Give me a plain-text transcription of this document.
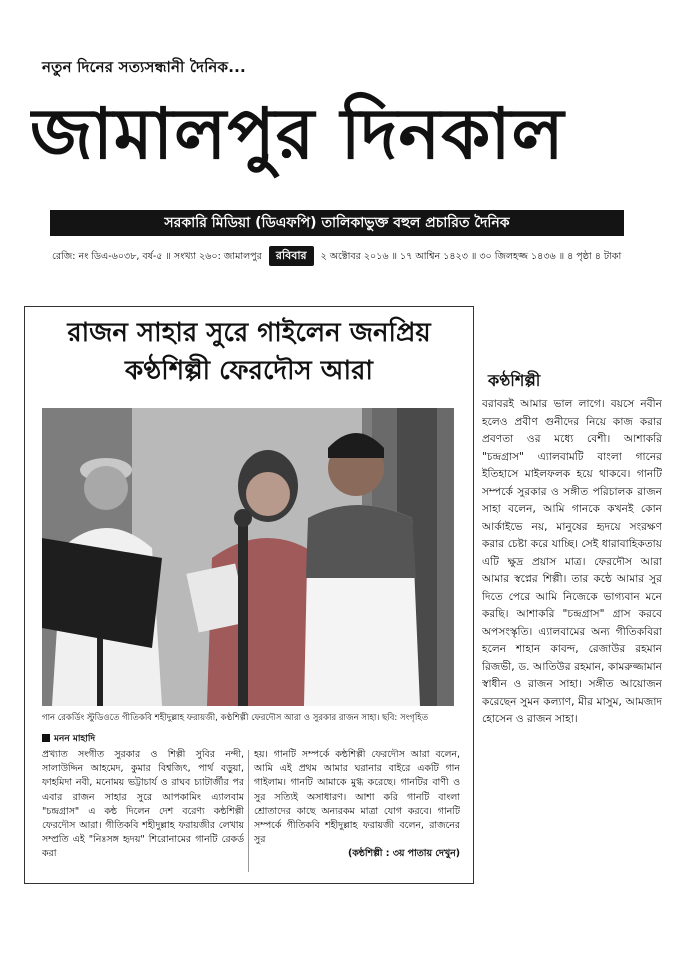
নতুন দিনের সত্যসন্ধানী দৈনিক...
জামালপুর দিনকাল
সরকারি মিডিয়া (ডিএফপি) তালিকাভুক্ত বহুল প্রচারিত দৈনিক
রেজি: নং ডিএ-৬০৩৮, বর্ষ-৫ ॥ সংখ্যা ২৬০: জামালপুর রবিবার ২ অক্টোবর ২০১৬ ॥ ১৭ আশ্বিন ১৪২৩ ॥ ৩০ জিলহজ্জ ১৪৩৬ ॥ ৪ পৃষ্ঠা ৪ টাকা
রাজন সাহার সুরে গাইলেন জনপ্রিয়
কণ্ঠশিল্পী ফেরদৌস আরা
গান রেকর্ডিং স্টুডিওতে গীতিকবি শহীদুল্লাহ ফরায়জী, কণ্ঠশিল্পী ফেরদৌস আরা ও সুরকার রাজন সাহা। ছবি: সংগৃহিত
মনন মাহাদি
প্রখ্যাত সংগীত সুরকার ও শিল্পী সুবির নন্দী, সালাউদ্দিন আহমেদ, কুমার বিশ্বজিৎ, পার্থ বড়ুয়া, ফাহমিদা নবী, মনোময় ভট্টাচার্য ও রাঘব চ্যাটার্জীর পর এবার রাজন সাহার সুরে আপকামিং এ্যালবাম "চন্দ্রগ্রাস" এ কন্ঠ দিলেন দেশ বরেণ্য কন্ঠশিল্পী ফেরদৌস আরা। গীতিকবি শহীদুল্লাহ ফরায়জীর লেখায় সম্প্রতি এই "নিঃসঙ্গ হৃদয়" শিরোনামের গানটি রেকর্ড করা
হয়। গানটি সম্পর্কে কন্ঠশিল্পী ফেরদৌস আরা বলেন, আমি এই প্রথম আমার ঘরানার বাইরে একটি গান গাইলাম। গানটি আমাকে মুগ্ধ করেছে। গানটির বাণী ও সুর সত্যিই অসাধারণ। আশা করি গানটি বাংলা শ্রোতাদের কাছে অন্যরকম মাত্রা যোগ করবে। গানটি সম্পর্কে গীতিকবি শহীদুল্লাহ ফরায়জী বলেন, রাজনের সুর
(কন্ঠশিল্পী : ৩য় পাতায় দেখুন)
কণ্ঠশিল্পী
বরাবরই আমার ভাল লাগে। বয়সে নবীন হলেও প্রবীণ গুনীদের নিয়ে কাজ করার প্রবণতা ওর মধ্যে বেশী। আশাকরি "চন্দ্রগ্রাস" এ্যালবামটি বাংলা গানের ইতিহাসে মাইলফলক হয়ে থাকবে। গানটি সম্পর্কে সুরকার ও সঙ্গীত পরিচালক রাজন সাহা বলেন, আমি গানকে কখনই কোন আর্কাইভে নয়, মানুষের হৃদয়ে সংরক্ষণ করার চেষ্টা করে যাচ্ছি। সেই ধারাবাহিকতায় এটি ক্ষুদ্র প্রয়াস মাত্র। ফেরদৌস আরা আমার স্বপ্নের শিল্পী। তার কন্ঠে আমার সুর দিতে পেরে আমি নিজেকে ভাগ্যবান মনে করছি। আশাকরি "চন্দ্রগ্রাস" গ্রাস করবে অপসংস্কৃতি। এ্যালবামের অন্য গীতিকবিরা হলেন শাহান কাবন্দ, রেজাউর রহমান রিজভী, ড. আতিউর রহমান, কামরুজ্জামান স্বাধীন ও রাজন সাহা। সঙ্গীত আয়োজন করেছেন সুমন কল্যাণ, মীর মাসুম, আমজাদ হোসেন ও রাজন সাহা।
